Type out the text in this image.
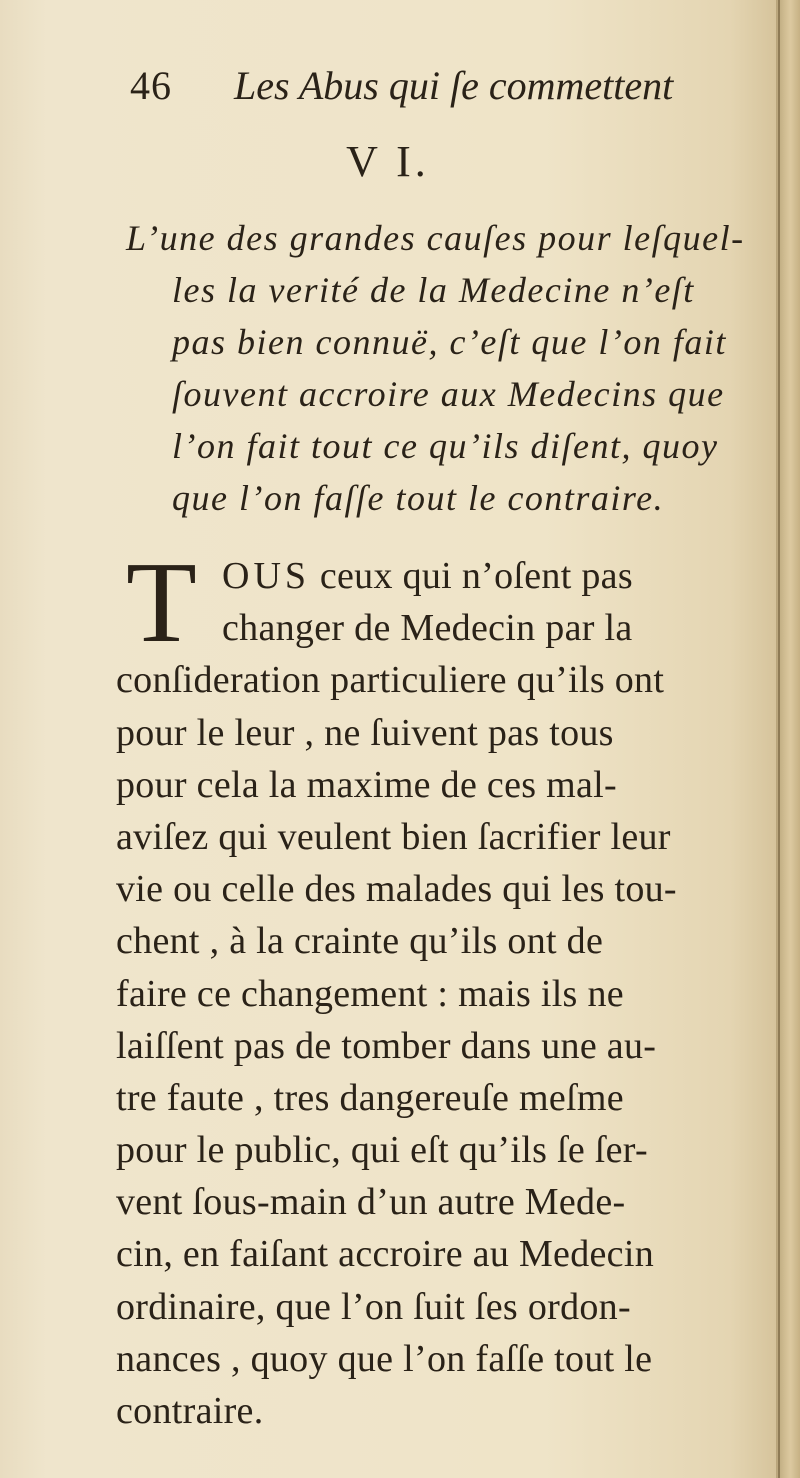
46 Les Abus qui ſe commettent
V I.
L’une des grandes cauſes pour leſquel-
les la verité de la Medecine n’eſt
pas bien connuë, c’eſt que l’on fait
ſouvent accroire aux Medecins que
l’on fait tout ce qu’ils diſent, quoy
que l’on faſſe tout le contraire.
T OUS ceux qui n’oſent pas
changer de Medecin par la
conſideration particuliere qu’ils ont
pour le leur , ne ſuivent pas tous
pour cela la maxime de ces mal-
aviſez qui veulent bien ſacrifier leur
vie ou celle des malades qui les tou-
chent , à la crainte qu’ils ont de
faire ce changement : mais ils ne
laiſſent pas de tomber dans une au-
tre faute , tres dangereuſe meſme
pour le public, qui eſt qu’ils ſe ſer-
vent ſous-main d’un autre Mede-
cin, en faiſant accroire au Medecin
ordinaire, que l’on ſuit ſes ordon-
nances , quoy que l’on faſſe tout le
contraire.
